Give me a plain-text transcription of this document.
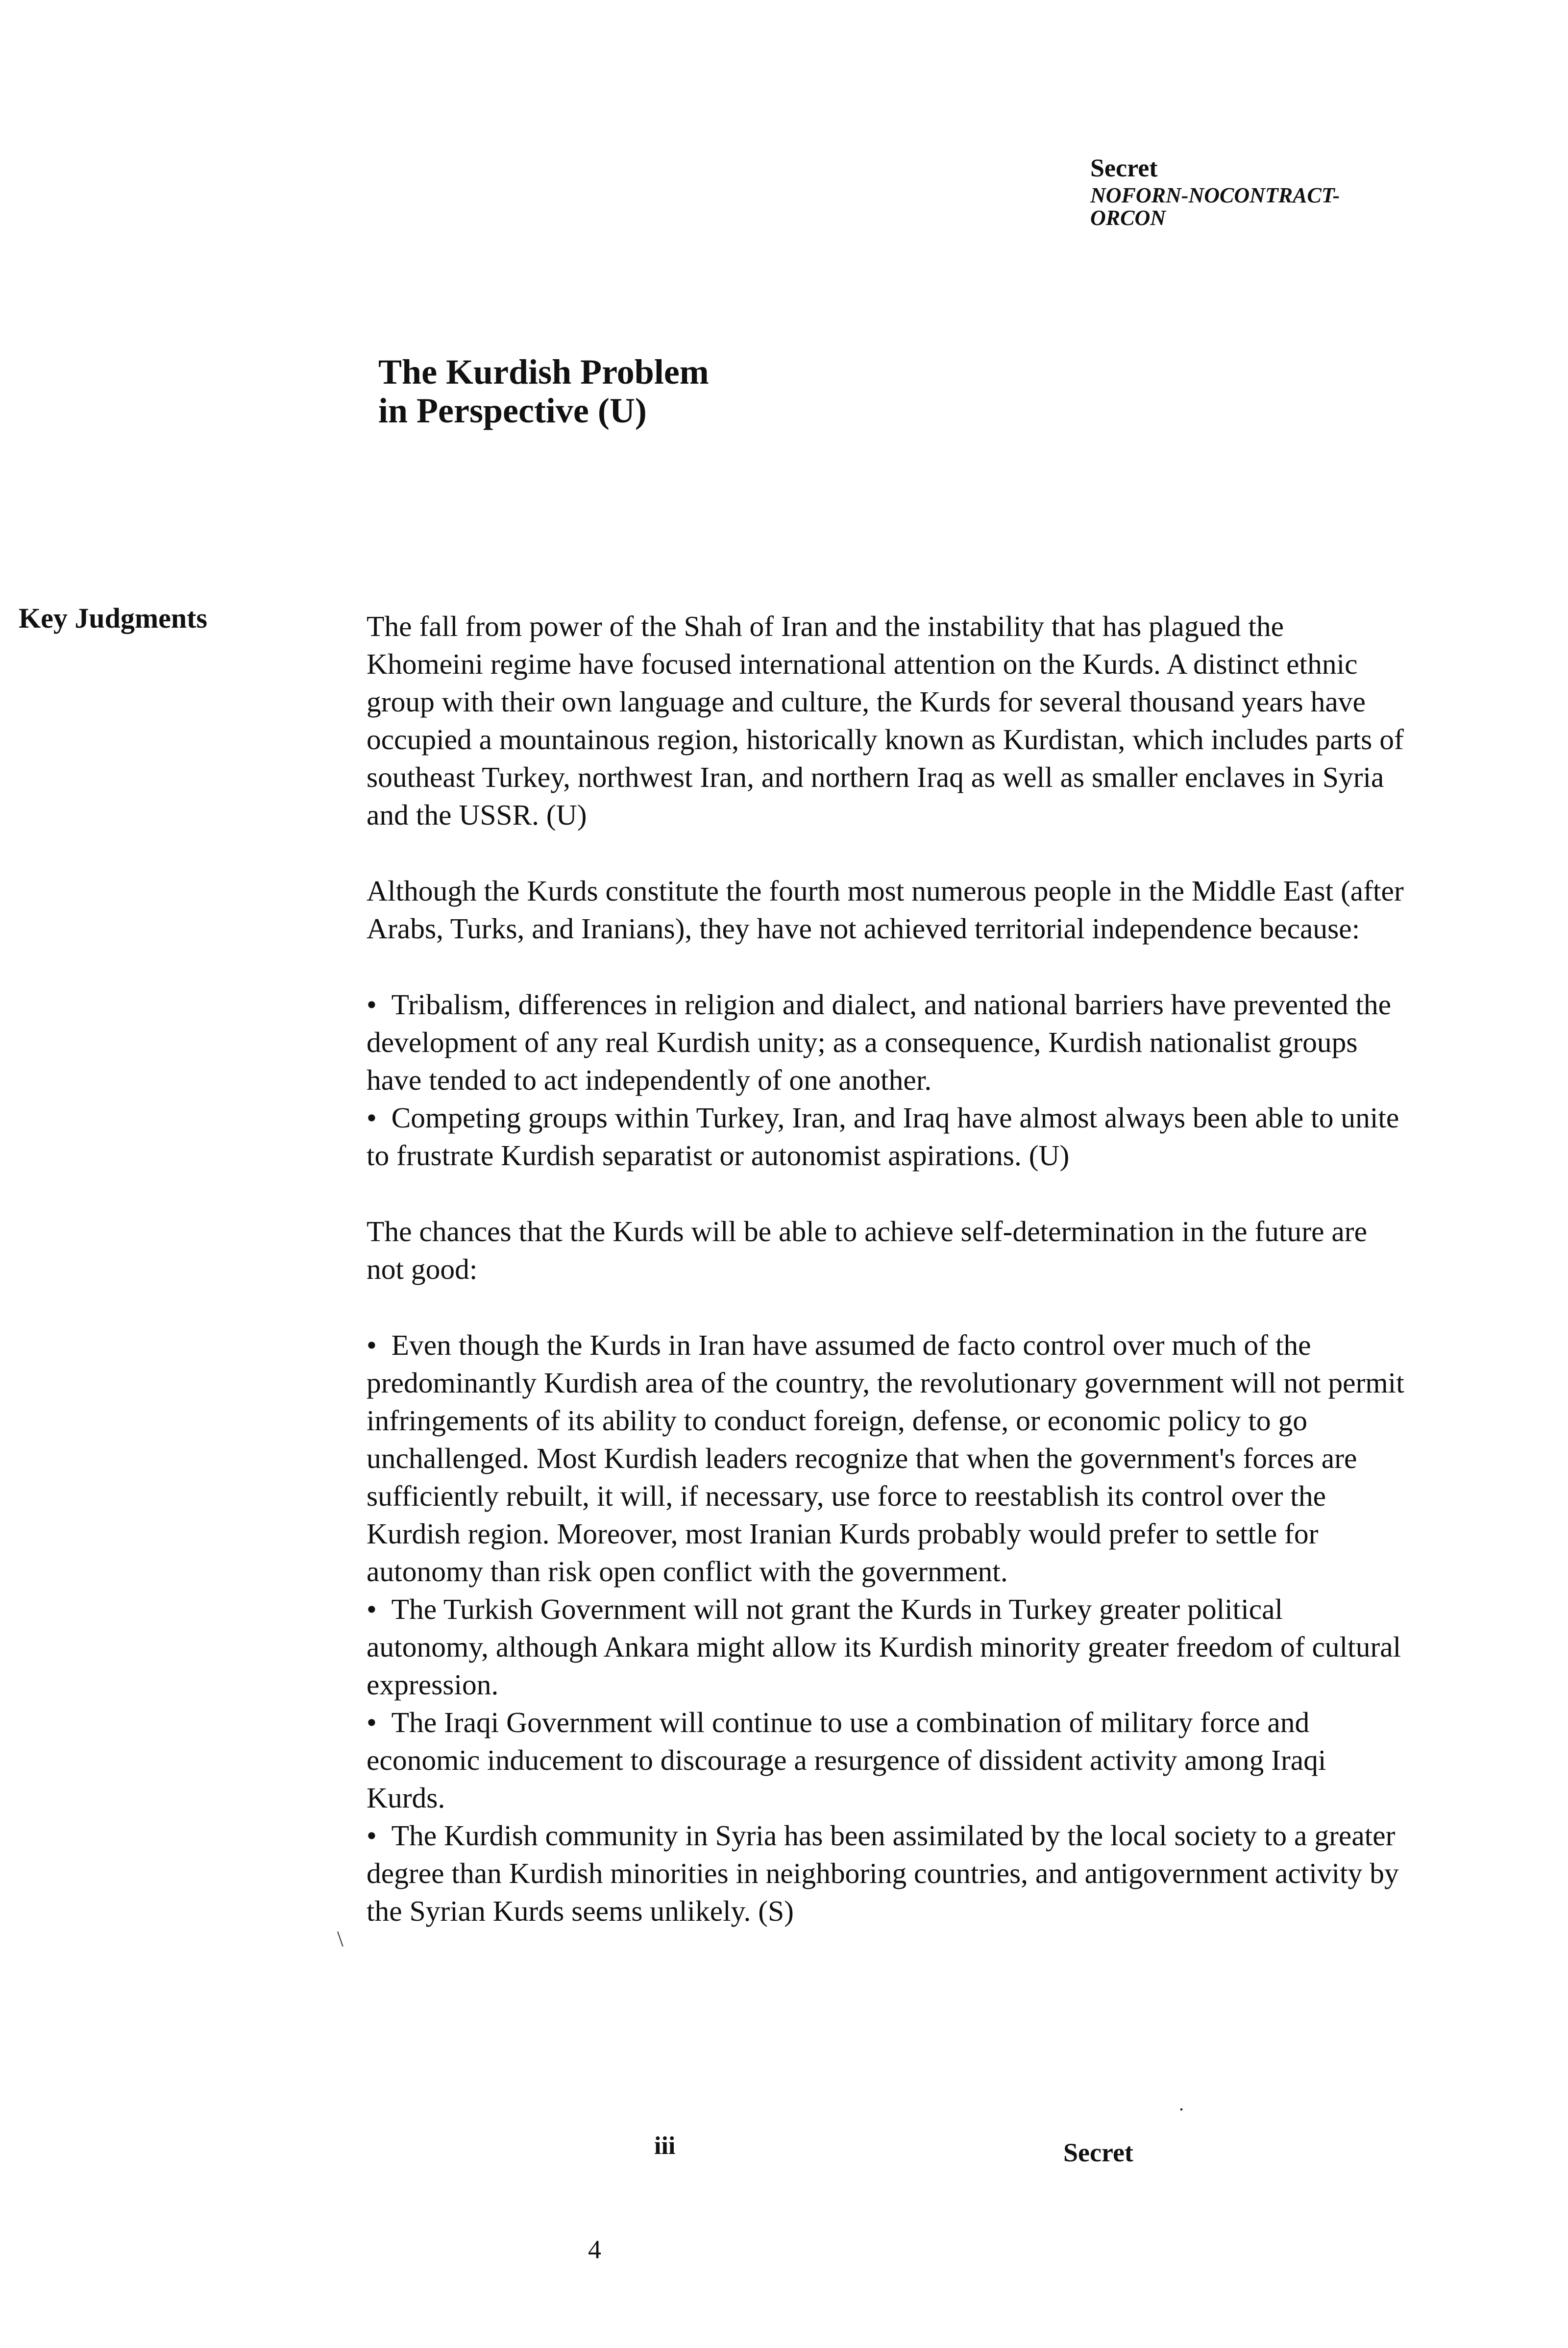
Secret
NOFORN-NOCONTRACT-
ORCON
The Kurdish Problem
in Perspective (U)
Key Judgments	The fall from power of the Shah of Iran and the instability that has plagued the Khomeini regime have focused international attention on the Kurds. A distinct ethnic group with their own language and culture, the Kurds for several thousand years have occupied a mountainous region, historically known as Kurdistan, which includes parts of southeast Turkey, northwest Iran, and northern Iraq as well as smaller enclaves in Syria and the USSR. (U)

Although the Kurds constitute the fourth most numerous people in the Middle East (after Arabs, Turks, and Iranians), they have not achieved territorial independence because:

•  Tribalism, differences in religion and dialect, and national barriers have prevented the development of any real Kurdish unity; as a consequence, Kurdish nationalist groups have tended to act independently of one another.
•  Competing groups within Turkey, Iran, and Iraq have almost always been able to unite to frustrate Kurdish separatist or autonomist aspirations. (U)

The chances that the Kurds will be able to achieve self-determination in the future are not good:

•  Even though the Kurds in Iran have assumed de facto control over much of the predominantly Kurdish area of the country, the revolutionary government will not permit infringements of its ability to conduct foreign, defense, or economic policy to go unchallenged. Most Kurdish leaders recognize that when the government's forces are sufficiently rebuilt, it will, if necessary, use force to reestablish its control over the Kurdish region. Moreover, most Iranian Kurds probably would prefer to settle for autonomy than risk open conflict with the government.
•  The Turkish Government will not grant the Kurds in Turkey greater political autonomy, although Ankara might allow its Kurdish minority greater freedom of cultural expression.
•  The Iraqi Government will continue to use a combination of military force and economic inducement to discourage a resurgence of dissident activity among Iraqi Kurds.
•  The Kurdish community in Syria has been assimilated by the local society to a greater degree than Kurdish minorities in neighboring countries, and antigovernment activity by the Syrian Kurds seems unlikely. (S)
\
.
iii	Secret
4
